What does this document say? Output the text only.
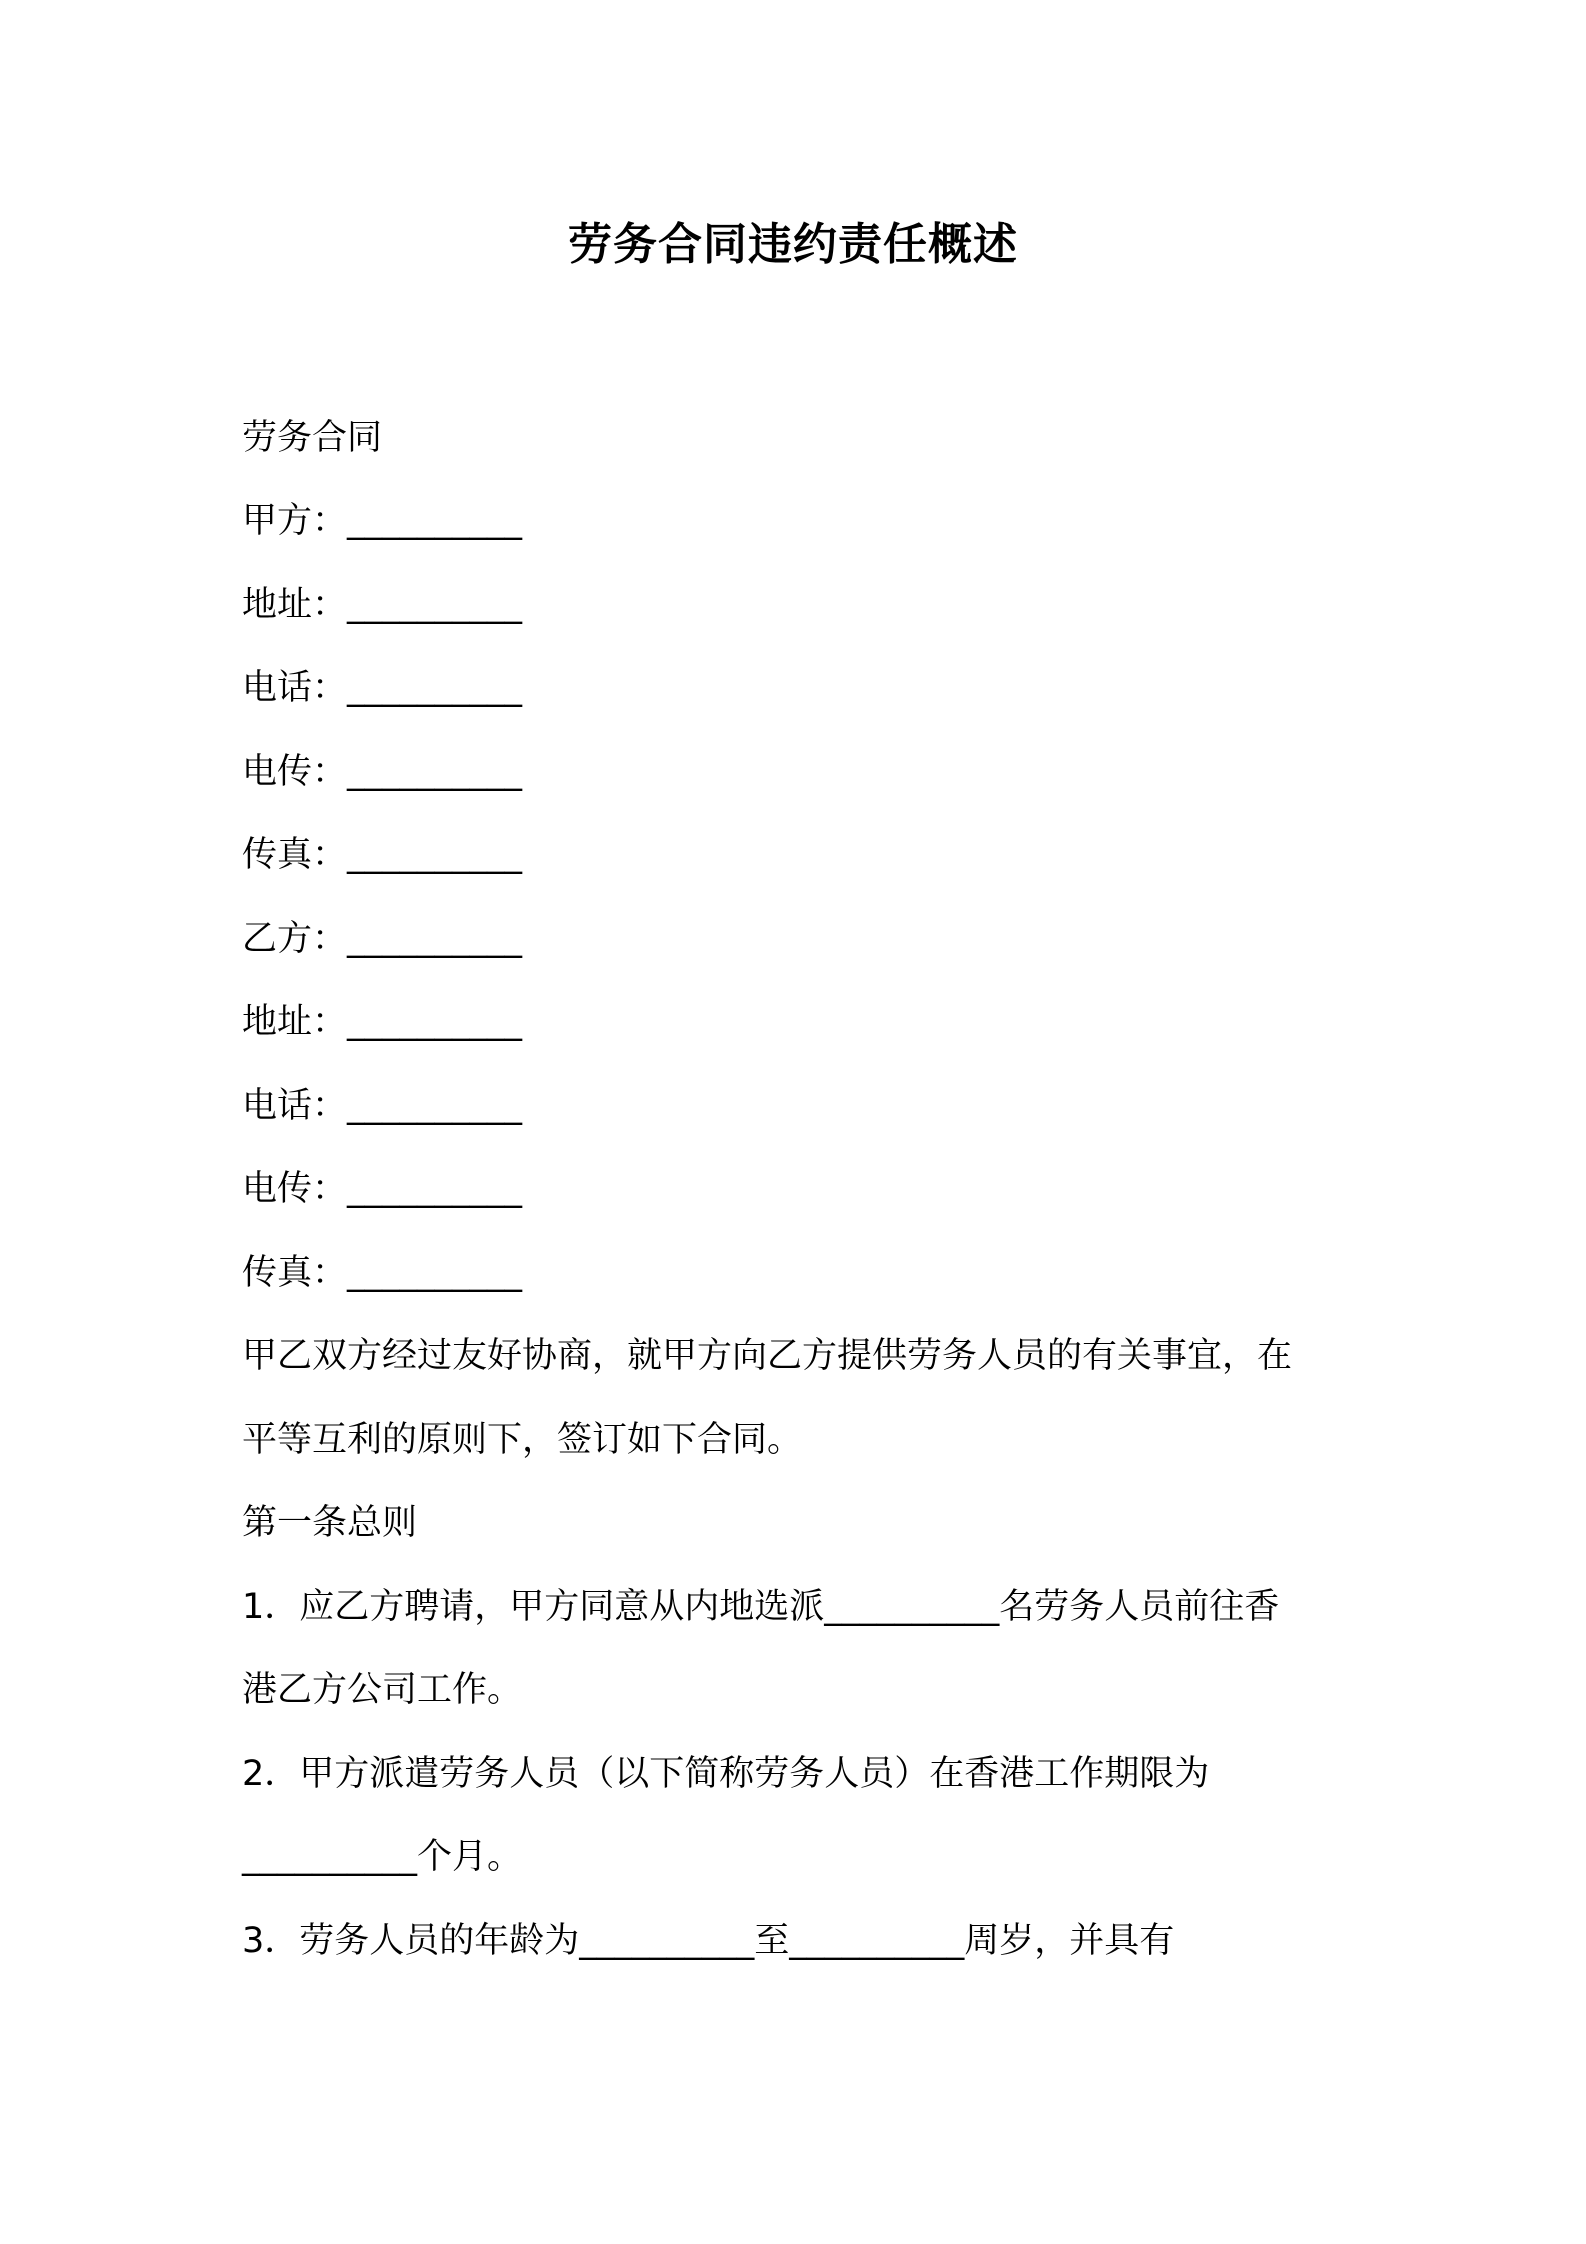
劳务合同违约责任概述
劳务合同
甲方：__________
地址：__________
电话：__________
电传：__________
传真：__________
乙方：__________
地址：__________
电话：__________
电传：__________
传真：__________
甲乙双方经过友好协商，就甲方向乙方提供劳务人员的有关事宜，在
平等互利的原则下，签订如下合同。
第一条总则
1．应乙方聘请，甲方同意从内地选派__________名劳务人员前往香
港乙方公司工作。
2．甲方派遣劳务人员（以下简称劳务人员）在香港工作期限为
__________个月。
3．劳务人员的年龄为__________至__________周岁，并具有
